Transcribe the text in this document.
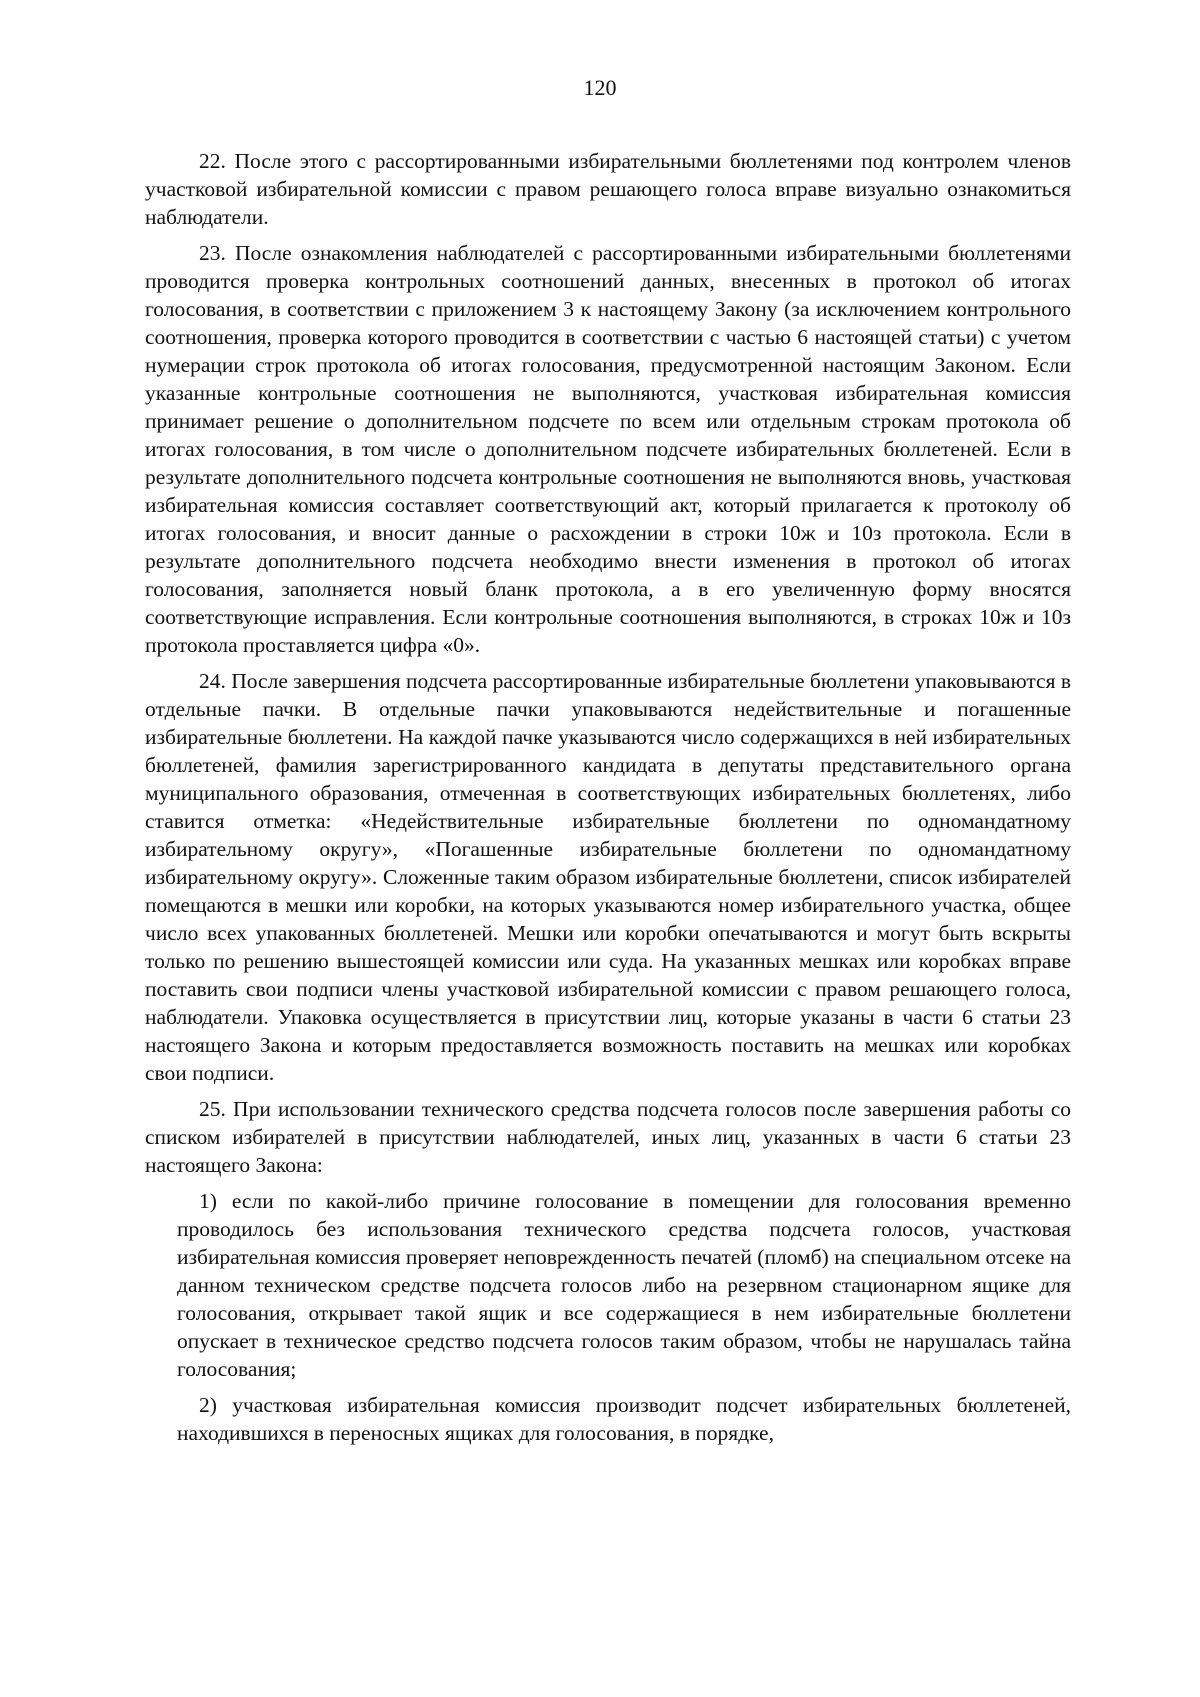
120

22. После этого с рассортированными избирательными бюллетенями под контролем членов участковой избирательной комиссии с правом решающего голоса вправе визуально ознакомиться наблюдатели.

23. После ознакомления наблюдателей с рассортированными избирательными бюллетенями проводится проверка контрольных соотношений данных, внесенных в протокол об итогах голосования, в соответствии с приложением 3 к настоящему Закону (за исключением контрольного соотношения, проверка которого проводится в соответствии с частью 6 настоящей статьи) с учетом нумерации строк протокола об итогах голосования, предусмотренной настоящим Законом. Если указанные контрольные соотношения не выполняются, участковая избирательная комиссия принимает решение о дополнительном подсчете по всем или отдельным строкам протокола об итогах голосования, в том числе о дополнительном подсчете избирательных бюллетеней. Если в результате дополнительного подсчета контрольные соотношения не выполняются вновь, участковая избирательная комиссия составляет соответствующий акт, который прилагается к протоколу об итогах голосования, и вносит данные о расхождении в строки 10ж и 10з протокола. Если в результате дополнительного подсчета необходимо внести изменения в протокол об итогах голосования, заполняется новый бланк протокола, а в его увеличенную форму вносятся соответствующие исправления. Если контрольные соотношения выполняются, в строках 10ж и 10з протокола проставляется цифра «0».

24. После завершения подсчета рассортированные избирательные бюллетени упаковываются в отдельные пачки. В отдельные пачки упаковываются недействительные и погашенные избирательные бюллетени. На каждой пачке указываются число содержащихся в ней избирательных бюллетеней, фамилия зарегистрированного кандидата в депутаты представительного органа муниципального образования, отмеченная в соответствующих избирательных бюллетенях, либо ставится отметка: «Недействительные избирательные бюллетени по одномандатному избирательному округу», «Погашенные избирательные бюллетени по одномандатному избирательному округу». Сложенные таким образом избирательные бюллетени, список избирателей помещаются в мешки или коробки, на которых указываются номер избирательного участка, общее число всех упакованных бюллетеней. Мешки или коробки опечатываются и могут быть вскрыты только по решению вышестоящей комиссии или суда. На указанных мешках или коробках вправе поставить свои подписи члены участковой избирательной комиссии с правом решающего голоса, наблюдатели. Упаковка осуществляется в присутствии лиц, которые указаны в части 6 статьи 23 настоящего Закона и которым предоставляется возможность поставить на мешках или коробках свои подписи.

25. При использовании технического средства подсчета голосов после завершения работы со списком избирателей в присутствии наблюдателей, иных лиц, указанных в части 6 статьи 23 настоящего Закона:

1) если по какой-либо причине голосование в помещении для голосования временно проводилось без использования технического средства подсчета голосов, участковая избирательная комиссия проверяет неповрежденность печатей (пломб) на специальном отсеке на данном техническом средстве подсчета голосов либо на резервном стационарном ящике для голосования, открывает такой ящик и все содержащиеся в нем избирательные бюллетени опускает в техническое средство подсчета голосов таким образом, чтобы не нарушалась тайна голосования;

2) участковая избирательная комиссия производит подсчет избирательных бюллетеней, находившихся в переносных ящиках для голосования, в порядке,
